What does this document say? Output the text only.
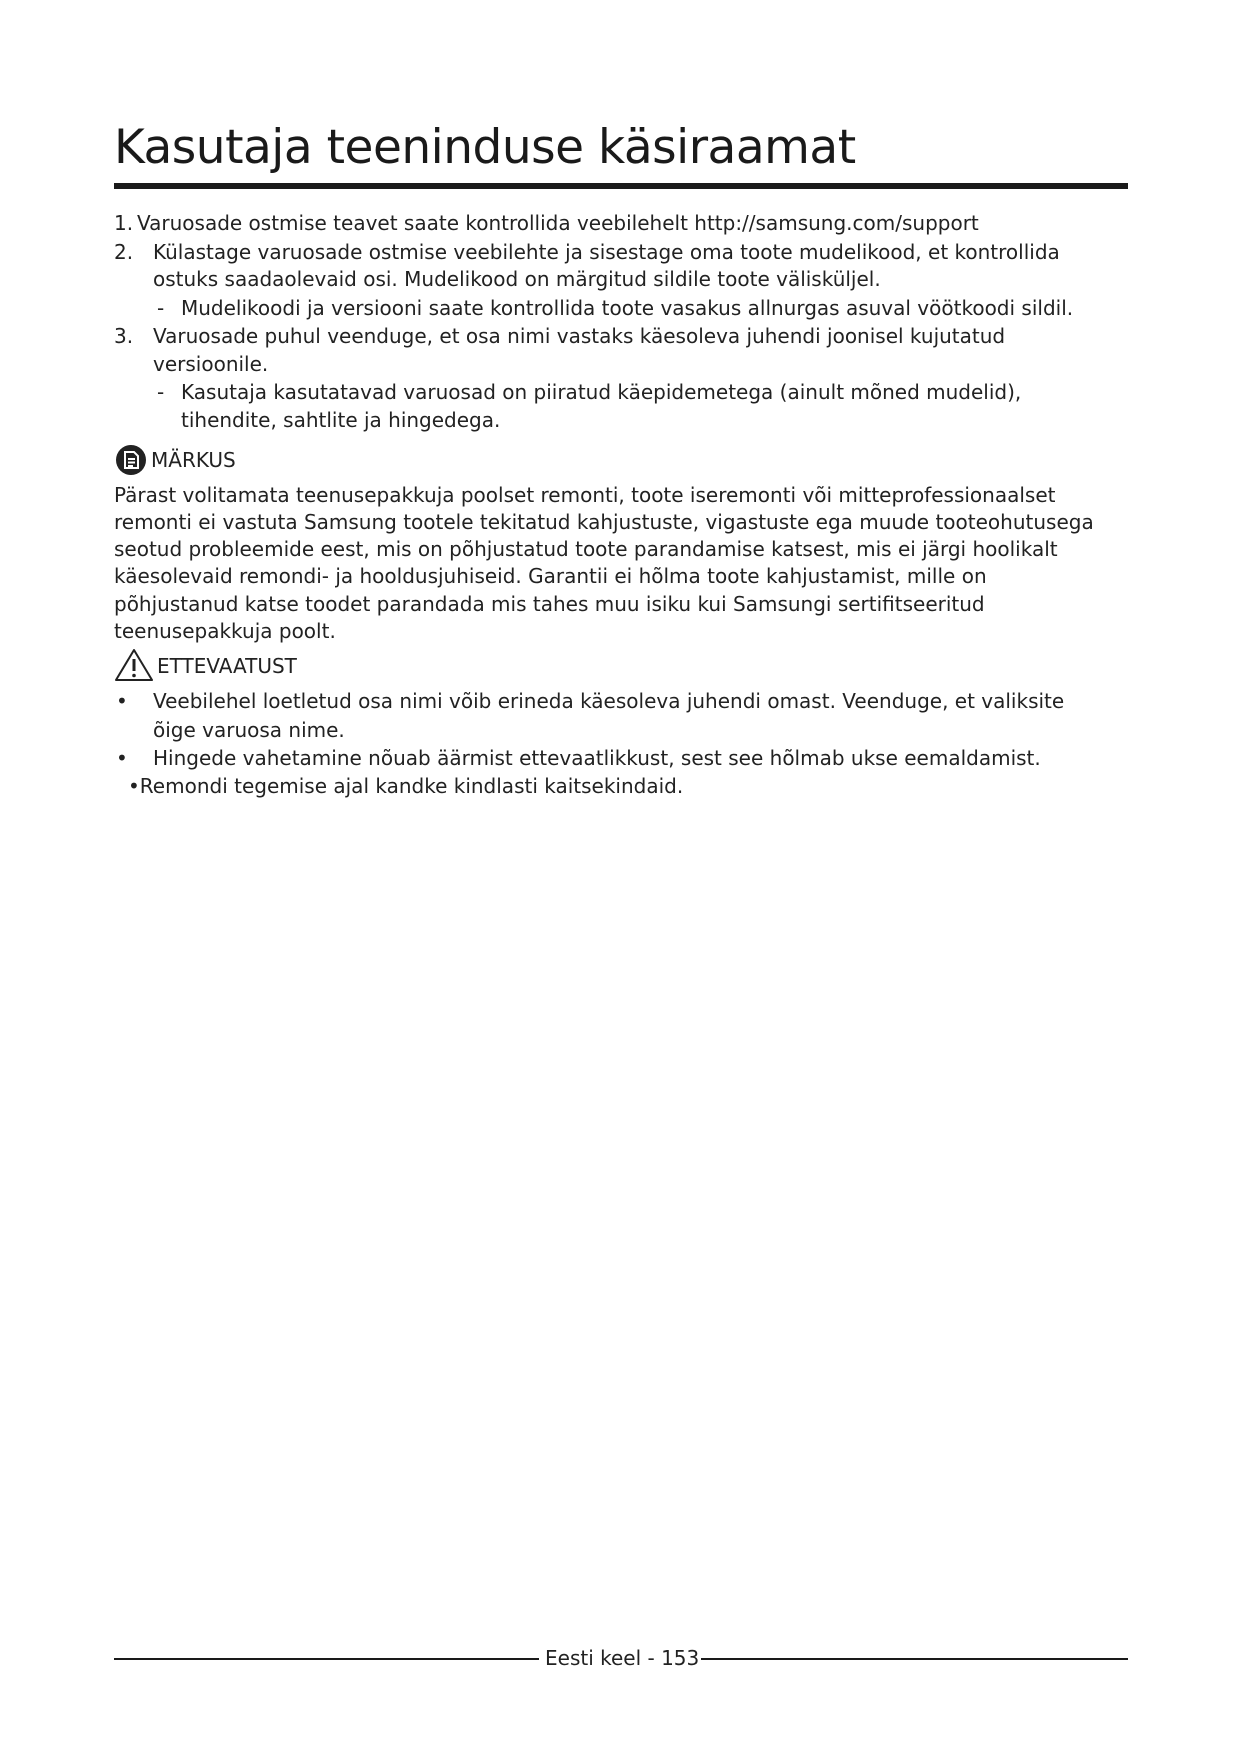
Kasutaja teeninduse käsiraamat
1. Varuosade ostmise teavet saate kontrollida veebilehelt http://samsung.com/support
2. Külastage varuosade ostmise veebilehte ja sisestage oma toote mudelikood, et kontrollida
ostuks saadaolevaid osi. Mudelikood on märgitud sildile toote välisküljel.
- Mudelikoodi ja versiooni saate kontrollida toote vasakus allnurgas asuval vöötkoodi sildil.
3. Varuosade puhul veenduge, et osa nimi vastaks käesoleva juhendi joonisel kujutatud
versioonile.
- Kasutaja kasutatavad varuosad on piiratud käepidemetega (ainult mõned mudelid),
tihendite, sahtlite ja hingedega.
MÄRKUS
Pärast volitamata teenusepakkuja poolset remonti, toote iseremonti või mitteprofessionaalset
remonti ei vastuta Samsung tootele tekitatud kahjustuste, vigastuste ega muude tooteohutusega
seotud probleemide eest, mis on põhjustatud toote parandamise katsest, mis ei järgi hoolikalt
käesolevaid remondi- ja hooldusjuhiseid. Garantii ei hõlma toote kahjustamist, mille on
põhjustanud katse toodet parandada mis tahes muu isiku kui Samsungi sertifitseeritud
teenusepakkuja poolt.
ETTEVAATUST
• Veebilehel loetletud osa nimi võib erineda käesoleva juhendi omast. Veenduge, et valiksite
õige varuosa nime.
• Hingede vahetamine nõuab äärmist ettevaatlikkust, sest see hõlmab ukse eemaldamist.
•Remondi tegemise ajal kandke kindlasti kaitsekindaid.
Eesti keel - 153
